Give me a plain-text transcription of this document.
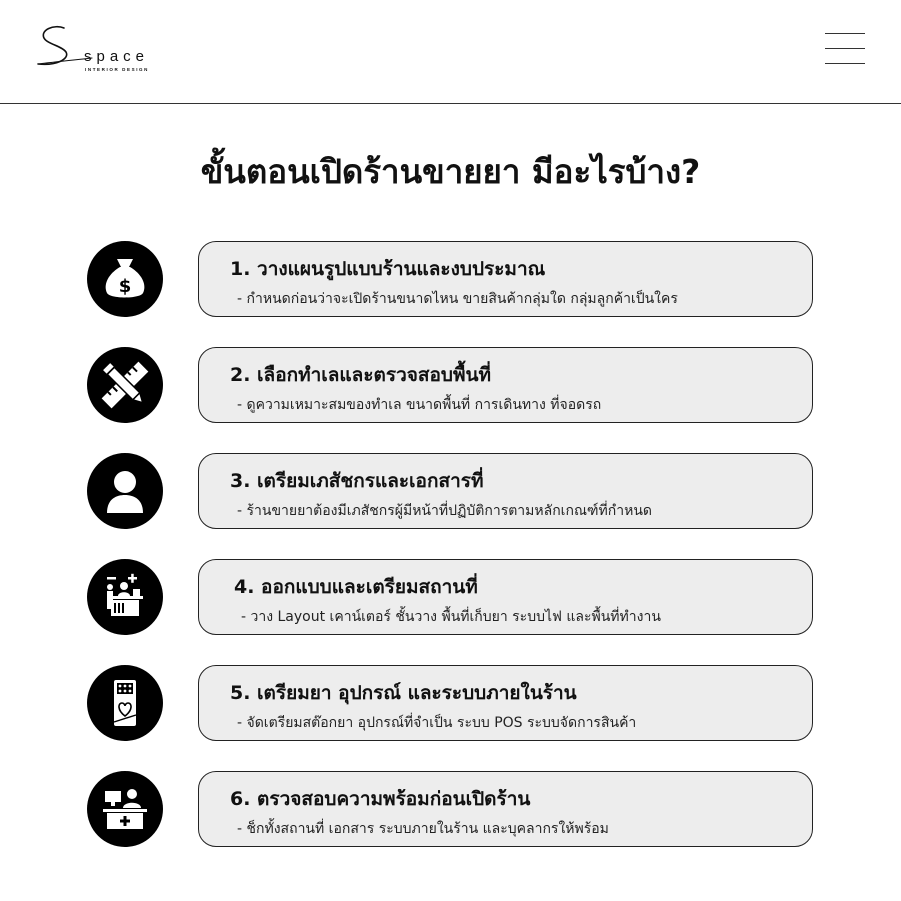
space
INTERIOR DESIGN
ขั้นตอนเปิดร้านขายยา มีอะไรบ้าง?
$
1. วางแผนรูปแบบร้านและงบประมาณ
- กำหนดก่อนว่าจะเปิดร้านขนาดไหน ขายสินค้ากลุ่มใด กลุ่มลูกค้าเป็นใคร
2. เลือกทำเลและตรวจสอบพื้นที่
- ดูความเหมาะสมของทำเล ขนาดพื้นที่ การเดินทาง ที่จอดรถ
3. เตรียมเภสัชกรและเอกสารที่
- ร้านขายยาต้องมีเภสัชกรผู้มีหน้าที่ปฏิบัติการตามหลักเกณฑ์ที่กำหนด
4. ออกแบบและเตรียมสถานที่
- วาง Layout เคาน์เตอร์ ชั้นวาง พื้นที่เก็บยา ระบบไฟ และพื้นที่ทำงาน
5. เตรียมยา อุปกรณ์ และระบบภายในร้าน
- จัดเตรียมสต๊อกยา อุปกรณ์ที่จำเป็น ระบบ POS ระบบจัดการสินค้า
6. ตรวจสอบความพร้อมก่อนเปิดร้าน
- ช็กทั้งสถานที่ เอกสาร ระบบภายในร้าน และบุคลากรให้พร้อม
